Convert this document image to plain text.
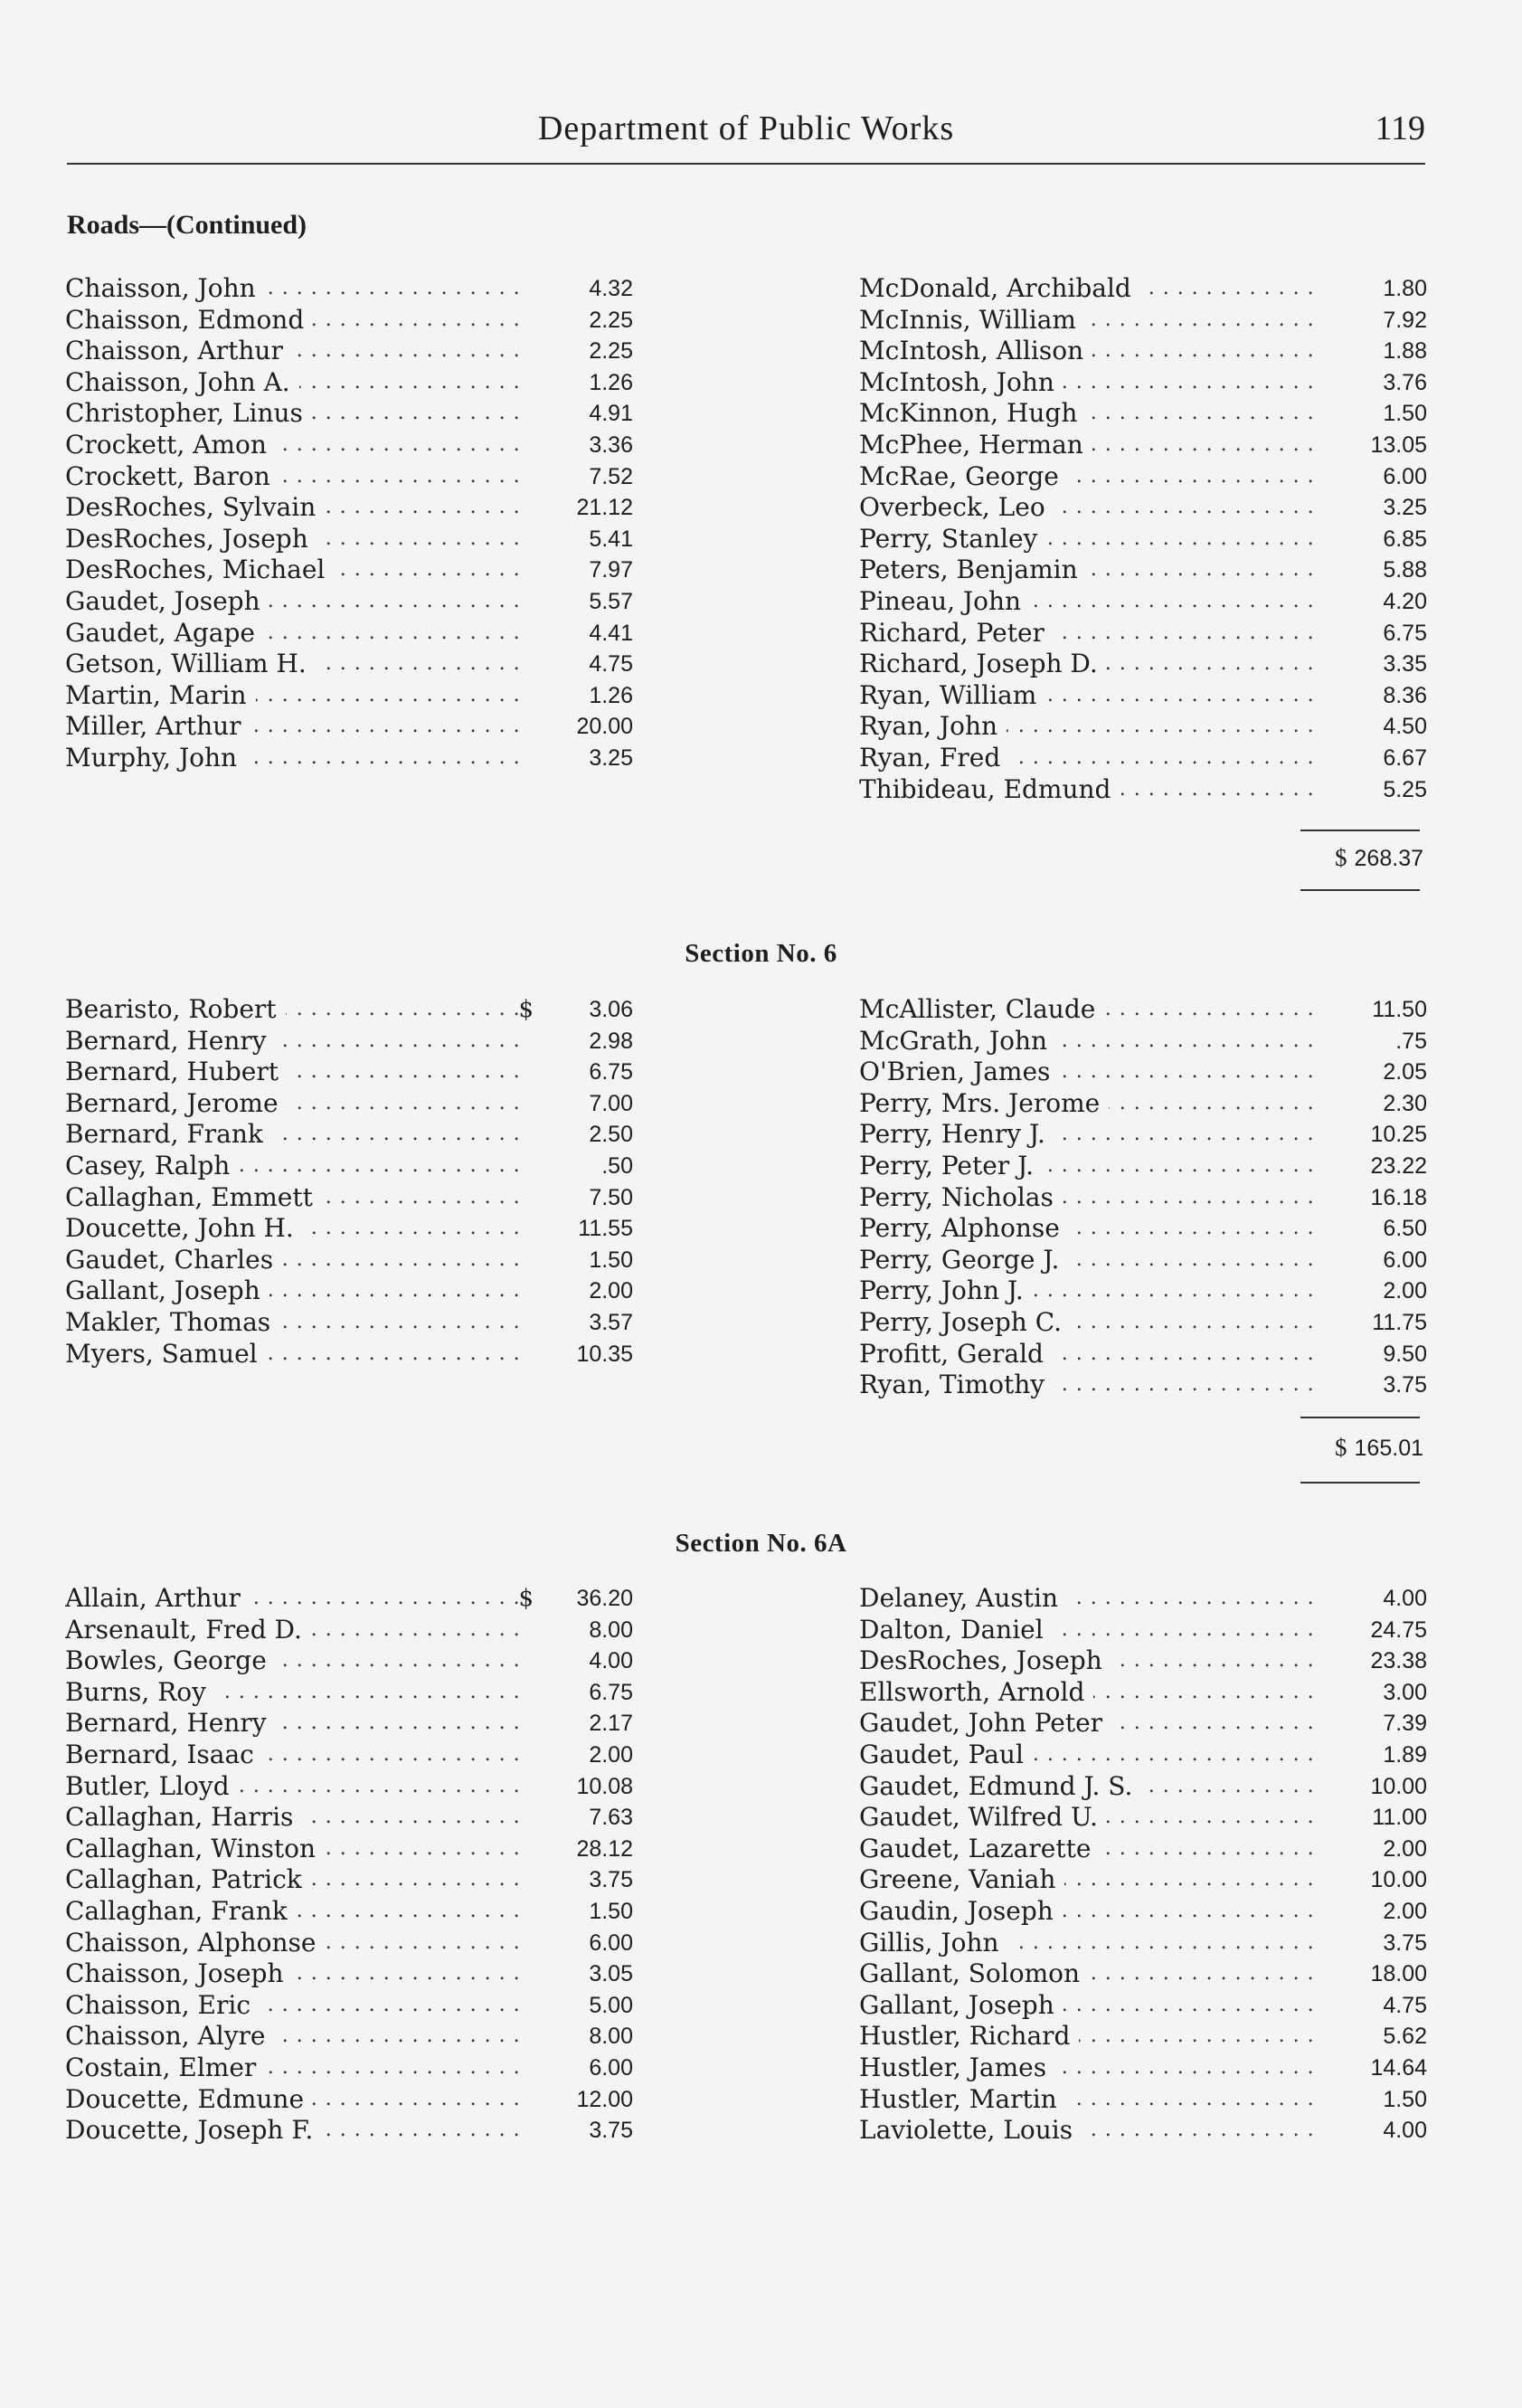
Department of Public Works	119
Roads—(Continued)
Chaisson, John . . .	4.32
Chaisson, Edmond . . .	2.25
Chaisson, Arthur . . .	2.25
Chaisson, John A. . . .	1.26
Christopher, Linus . . .	4.91
Crockett, Amon . . .	3.36
Crockett, Baron . . .	7.52
DesRoches, Sylvain . . .	21.12
DesRoches, Joseph . . .	5.41
DesRoches, Michael . . .	7.97
Gaudet, Joseph . . .	5.57
Gaudet, Agape . . .	4.41
Getson, William H. . . .	4.75
Martin, Marin . . .	1.26
Miller, Arthur . . .	20.00
Murphy, John . . .	3.25
McDonald, Archibald . . .	1.80
McInnis, William . . .	7.92
McIntosh, Allison . . .	1.88
McIntosh, John . . .	3.76
McKinnon, Hugh . . .	1.50
McPhee, Herman . . .	13.05
McRae, George . . .	6.00
Overbeck, Leo . . .	3.25
Perry, Stanley . . .	6.85
Peters, Benjamin . . .	5.88
Pineau, John . . .	4.20
Richard, Peter . . .	6.75
Richard, Joseph D. . . .	3.35
Ryan, William . . .	8.36
Ryan, John . . .	4.50
Ryan, Fred . . .	6.67
Thibideau, Edmund . . .	5.25
$ 268.37
Section No. 6
Bearisto, Robert . . .	$	3.06
Bernard, Henry . . .	2.98
Bernard, Hubert . . .	6.75
Bernard, Jerome . . .	7.00
Bernard, Frank . . .	2.50
Casey, Ralph . . .	.50
Callaghan, Emmett . . .	7.50
Doucette, John H. . . .	11.55
Gaudet, Charles . . .	1.50
Gallant, Joseph . . .	2.00
Makler, Thomas . . .	3.57
Myers, Samuel . . .	10.35
McAllister, Claude . . .	11.50
McGrath, John . . .	.75
O'Brien, James . . .	2.05
Perry, Mrs. Jerome . . .	2.30
Perry, Henry J. . . .	10.25
Perry, Peter J. . . .	23.22
Perry, Nicholas . . .	16.18
Perry, Alphonse . . .	6.50
Perry, George J. . . .	6.00
Perry, John J. . . .	2.00
Perry, Joseph C. . . .	11.75
Profitt, Gerald . . .	9.50
Ryan, Timothy . . .	3.75
$ 165.01
Section No. 6A
Allain, Arthur . . .	$	36.20
Arsenault, Fred D. . . .	8.00
Bowles, George . . .	4.00
Burns, Roy . . .	6.75
Bernard, Henry . . .	2.17
Bernard, Isaac . . .	2.00
Butler, Lloyd . . .	10.08
Callaghan, Harris . . .	7.63
Callaghan, Winston . . .	28.12
Callaghan, Patrick . . .	3.75
Callaghan, Frank . . .	1.50
Chaisson, Alphonse . . .	6.00
Chaisson, Joseph . . .	3.05
Chaisson, Eric . . .	5.00
Chaisson, Alyre . . .	8.00
Costain, Elmer . . .	6.00
Doucette, Edmune . . .	12.00
Doucette, Joseph F. . . .	3.75
Delaney, Austin . . .	4.00
Dalton, Daniel . . .	24.75
DesRoches, Joseph . . .	23.38
Ellsworth, Arnold . . .	3.00
Gaudet, John Peter . . .	7.39
Gaudet, Paul . . .	1.89
Gaudet, Edmund J. S. . . .	10.00
Gaudet, Wilfred U. . . .	11.00
Gaudet, Lazarette . . .	2.00
Greene, Vaniah . . .	10.00
Gaudin, Joseph . . .	2.00
Gillis, John . . .	3.75
Gallant, Solomon . . .	18.00
Gallant, Joseph . . .	4.75
Hustler, Richard . . .	5.62
Hustler, James . . .	14.64
Hustler, Martin . . .	1.50
Laviolette, Louis . . .	4.00
